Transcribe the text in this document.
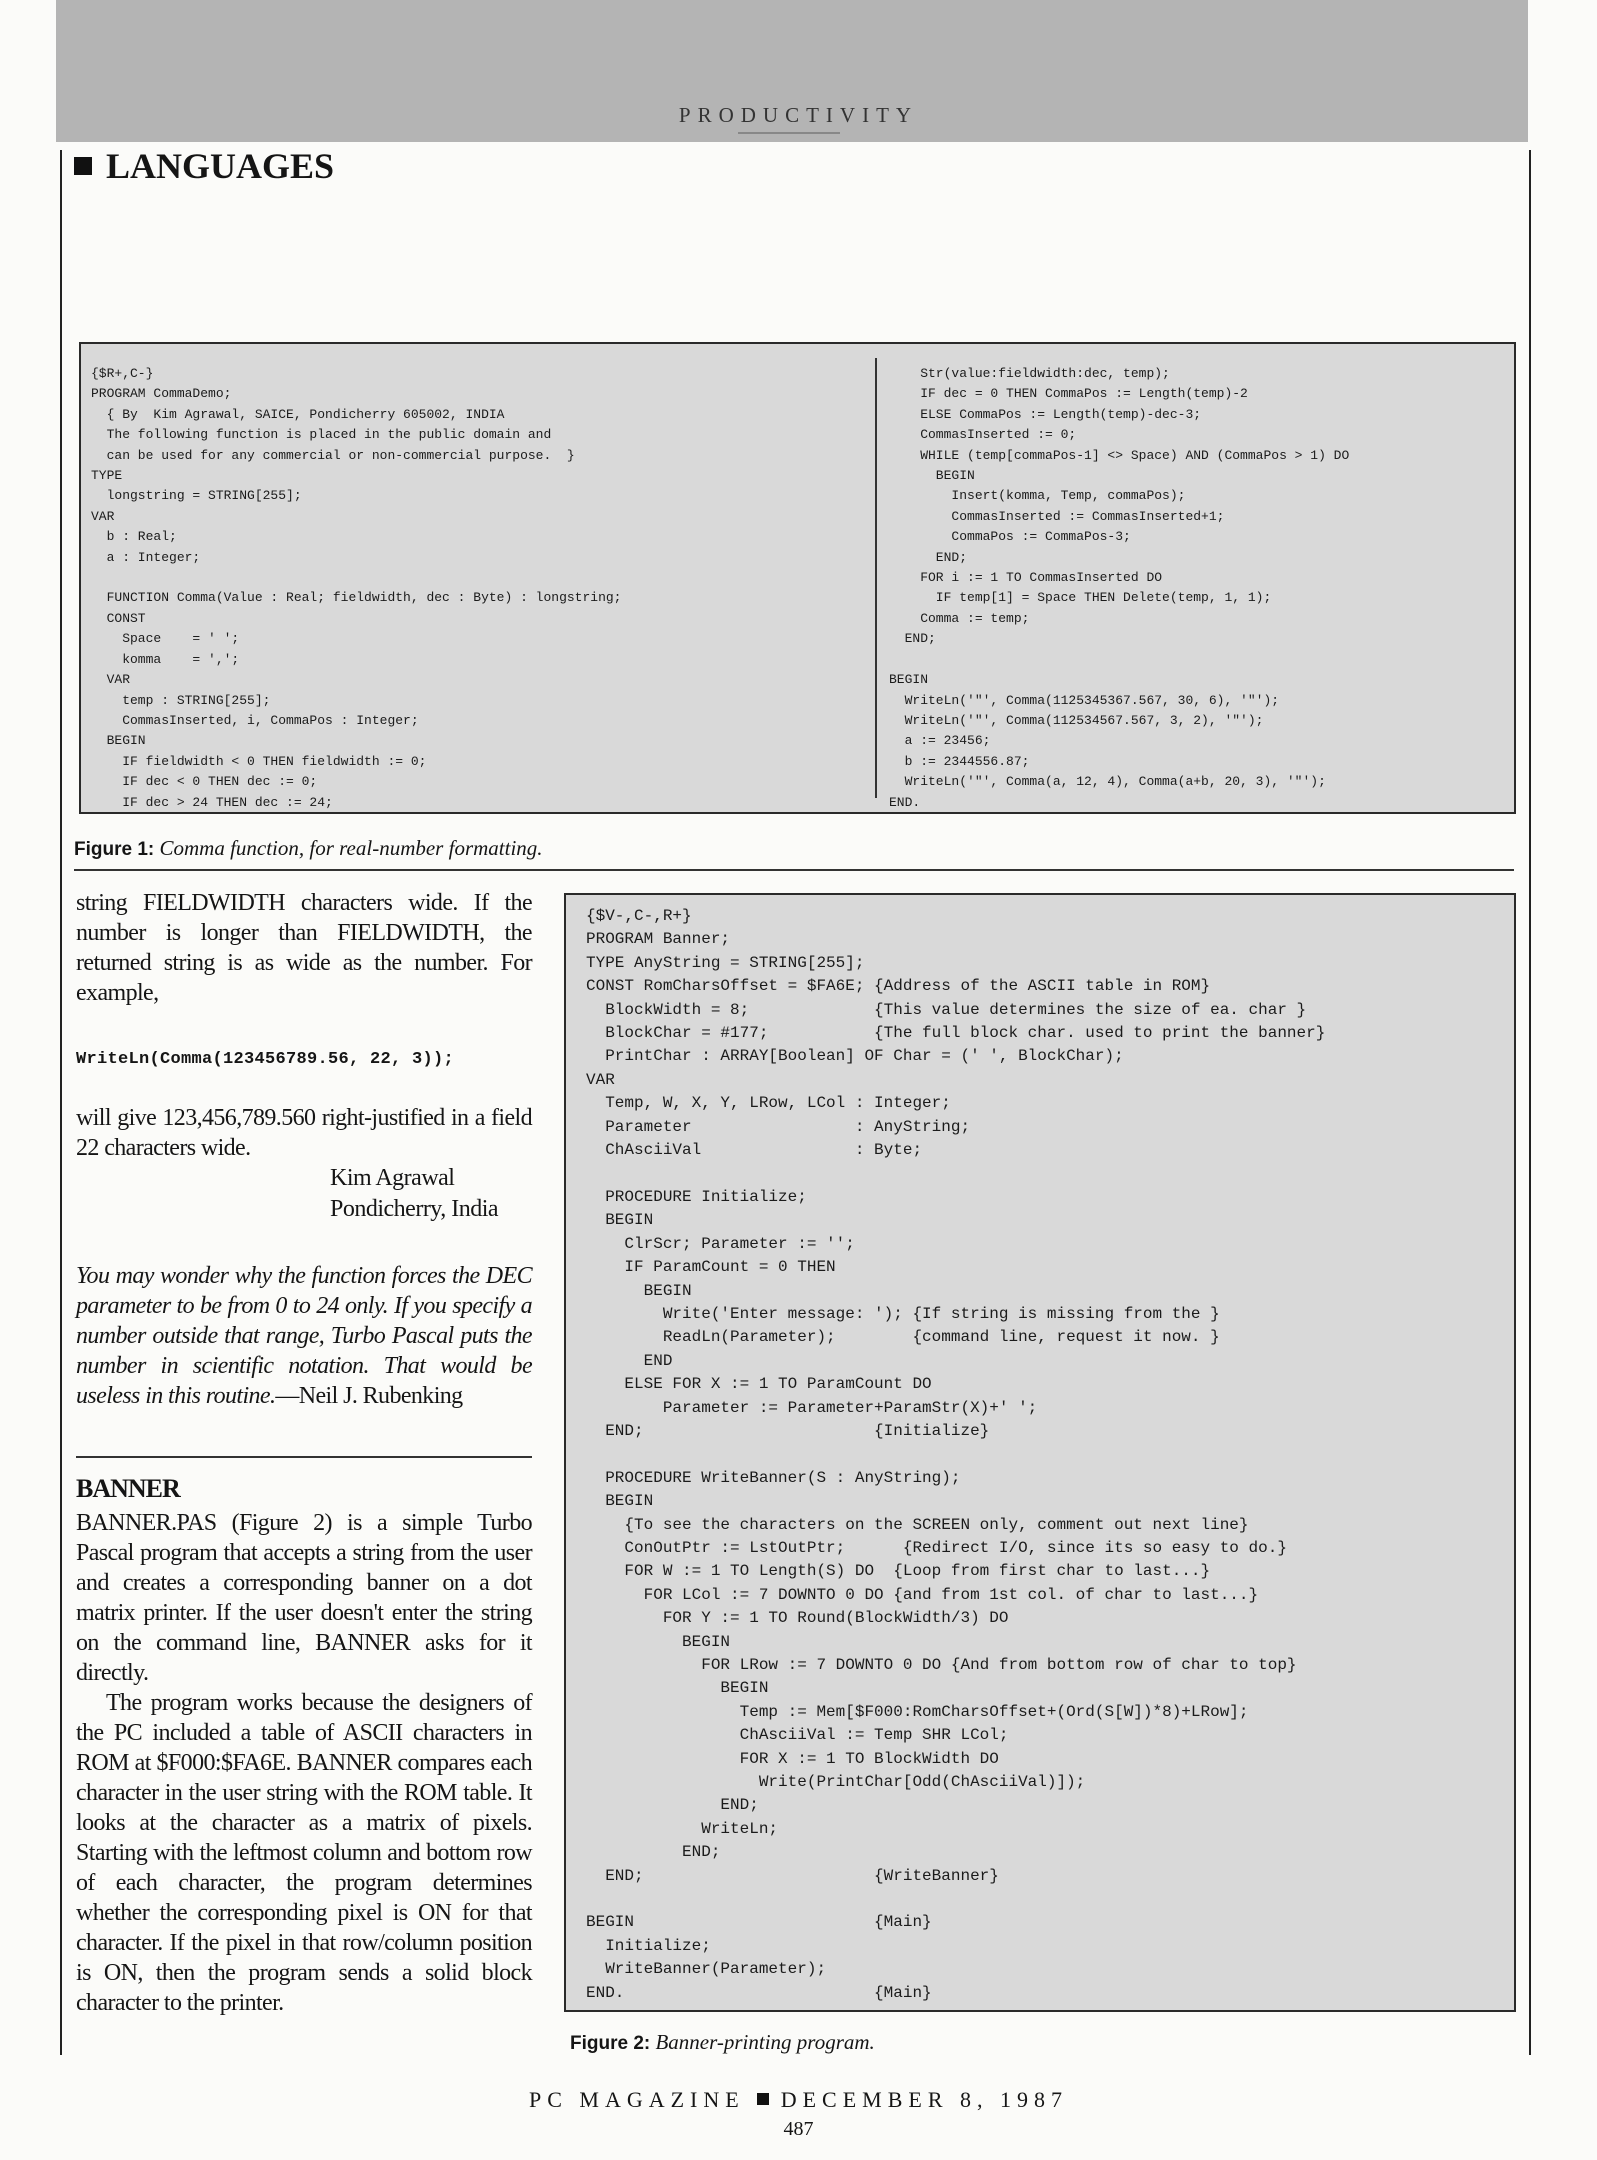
PRODUCTIVITY
LANGUAGES
{$R+,C-}
PROGRAM CommaDemo;
{ By  Kim Agrawal, SAICE, Pondicherry 605002, INDIA
The following function is placed in the public domain and
can be used for any commercial or non-commercial purpose.  }
TYPE
longstring = STRING[255];
VAR
b : Real;
a : Integer;

FUNCTION Comma(Value : Real; fieldwidth, dec : Byte) : longstring;
CONST
Space    = ' ';
komma    = ',';
VAR
temp : STRING[255];
CommasInserted, i, CommaPos : Integer;
BEGIN
IF fieldwidth < 0 THEN fieldwidth := 0;
IF dec < 0 THEN dec := 0;
IF dec > 24 THEN dec := 24;
Str(value:fieldwidth:dec, temp);
IF dec = 0 THEN CommaPos := Length(temp)-2
ELSE CommaPos := Length(temp)-dec-3;
CommasInserted := 0;
WHILE (temp[commaPos-1] <> Space) AND (CommaPos > 1) DO
BEGIN
Insert(komma, Temp, commaPos);
CommasInserted := CommasInserted+1;
CommaPos := CommaPos-3;
END;
FOR i := 1 TO CommasInserted DO
IF temp[1] = Space THEN Delete(temp, 1, 1);
Comma := temp;
END;

BEGIN
WriteLn('"', Comma(1125345367.567, 30, 6), '"');
WriteLn('"', Comma(112534567.567, 3, 2), '"');
a := 23456;
b := 2344556.87;
WriteLn('"', Comma(a, 12, 4), Comma(a+b, 20, 3), '"');
END.
Figure 1: Comma function, for real-number formatting.

string FIELDWIDTH characters wide. If the number is longer than FIELDWIDTH, the returned string is as wide as the number. For example,

WriteLn(Comma(123456789.56, 22, 3));

will give 123,456,789.560 right-justified in a field 22 characters wide.

Kim Agrawal
Pondicherry, India

You may wonder why the function forces the DEC parameter to be from 0 to 24 only. If you specify a number outside that range, Turbo Pascal puts the number in scientific notation. That would be useless in this routine.—Neil J. Rubenking

BANNER

BANNER.PAS (Figure 2) is a simple Turbo Pascal program that accepts a string from the user and creates a corresponding banner on a dot matrix printer. If the user doesn't enter the string on the command line, BANNER asks for it directly.

The program works because the designers of the PC included a table of ASCII characters in ROM at $F000:$FA6E. BANNER compares each character in the user string with the ROM table. It looks at the character as a matrix of pixels. Starting with the leftmost column and bottom row of each character, the program determines whether the corresponding pixel is ON for that character. If the pixel in that row/column position is ON, then the program sends a solid block character to the printer.

{$V-,C-,R+}
PROGRAM Banner;
TYPE AnyString = STRING[255];
CONST RomCharsOffset = $FA6E; {Address of the ASCII table in ROM}
BlockWidth = 8;             {This value determines the size of ea. char }
BlockChar = #177;           {The full block char. used to print the banner}
PrintChar : ARRAY[Boolean] OF Char = (' ', BlockChar);
VAR
Temp, W, X, Y, LRow, LCol : Integer;
Parameter                 : AnyString;
ChAsciiVal                : Byte;

PROCEDURE Initialize;
BEGIN
ClrScr; Parameter := '';
IF ParamCount = 0 THEN
BEGIN
Write('Enter message: '); {If string is missing from the }
ReadLn(Parameter);        {command line, request it now. }
END
ELSE FOR X := 1 TO ParamCount DO
Parameter := Parameter+ParamStr(X)+' ';
END;                        {Initialize}

PROCEDURE WriteBanner(S : AnyString);
BEGIN
{To see the characters on the SCREEN only, comment out next line}
ConOutPtr := LstOutPtr;      {Redirect I/O, since its so easy to do.}
FOR W := 1 TO Length(S) DO  {Loop from first char to last...}
FOR LCol := 7 DOWNTO 0 DO {and from 1st col. of char to last...}
FOR Y := 1 TO Round(BlockWidth/3) DO
BEGIN
FOR LRow := 7 DOWNTO 0 DO {And from bottom row of char to top}
BEGIN
Temp := Mem[$F000:RomCharsOffset+(Ord(S[W])*8)+LRow];
ChAsciiVal := Temp SHR LCol;
FOR X := 1 TO BlockWidth DO
Write(PrintChar[Odd(ChAsciiVal)]);
END;
WriteLn;
END;
END;                        {WriteBanner}

BEGIN                         {Main}
Initialize;
WriteBanner(Parameter);
END.                          {Main}
Figure 2: Banner-printing program.
PC MAGAZINE DECEMBER 8, 1987
487
